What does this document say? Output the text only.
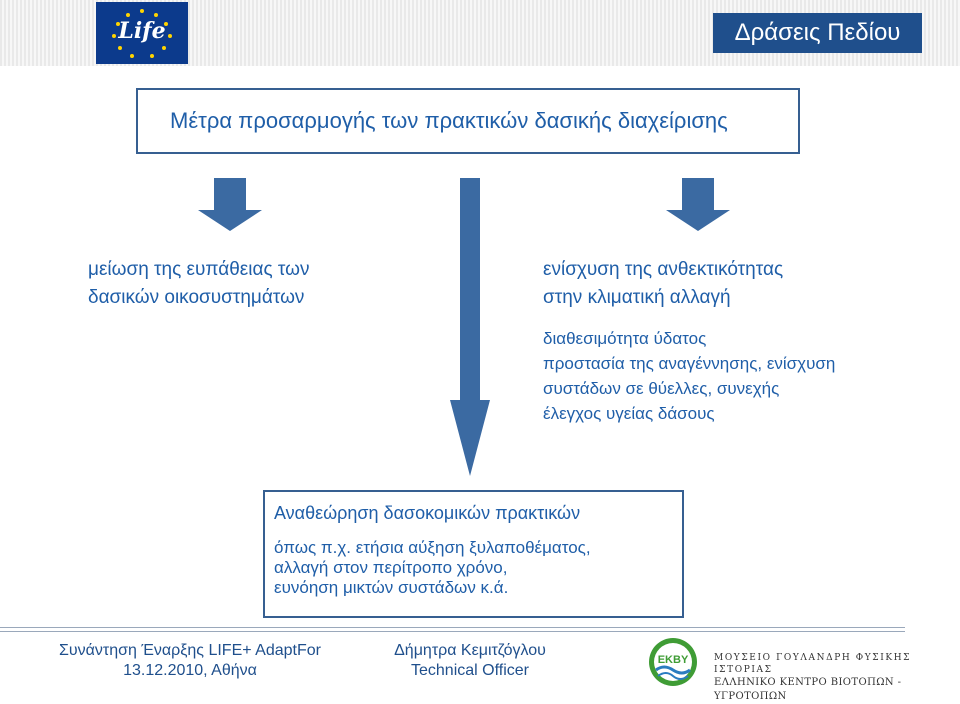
Life	Δράσεις Πεδίου
Μέτρα προσαρμογής των πρακτικών δασικής διαχείρισης
μείωση της ευπάθειας των
δασικών οικοσυστημάτων
ενίσχυση της ανθεκτικότητας
στην κλιματική αλλαγή
διαθεσιμότητα ύδατος
προστασία της αναγέννησης, ενίσχυση
συστάδων σε θύελλες, συνεχής
έλεγχος υγείας δάσους
Αναθεώρηση δασοκομικών πρακτικών
όπως π.χ. ετήσια αύξηση ξυλαποθέματος,
αλλαγή στον περίτροπο χρόνο,
ευνόηση μικτών συστάδων κ.ά.
Συνάντηση Έναρξης LIFE+ AdaptFor
13.12.2010, Αθήνα
Δήμητρα Κεμιτζόγλου
Technical Officer
ΕΚΒΥ	ΜΟΥΣΕΙΟ ΓΟΥΛΑΝΔΡΗ ΦΥΣΙΚΗΣ ΙΣΤΟΡΙΑΣ
ΕΛΛΗΝΙΚΟ ΚΕΝΤΡΟ ΒΙΟΤΟΠΩΝ - ΥΓΡΟΤΟΠΩΝ
